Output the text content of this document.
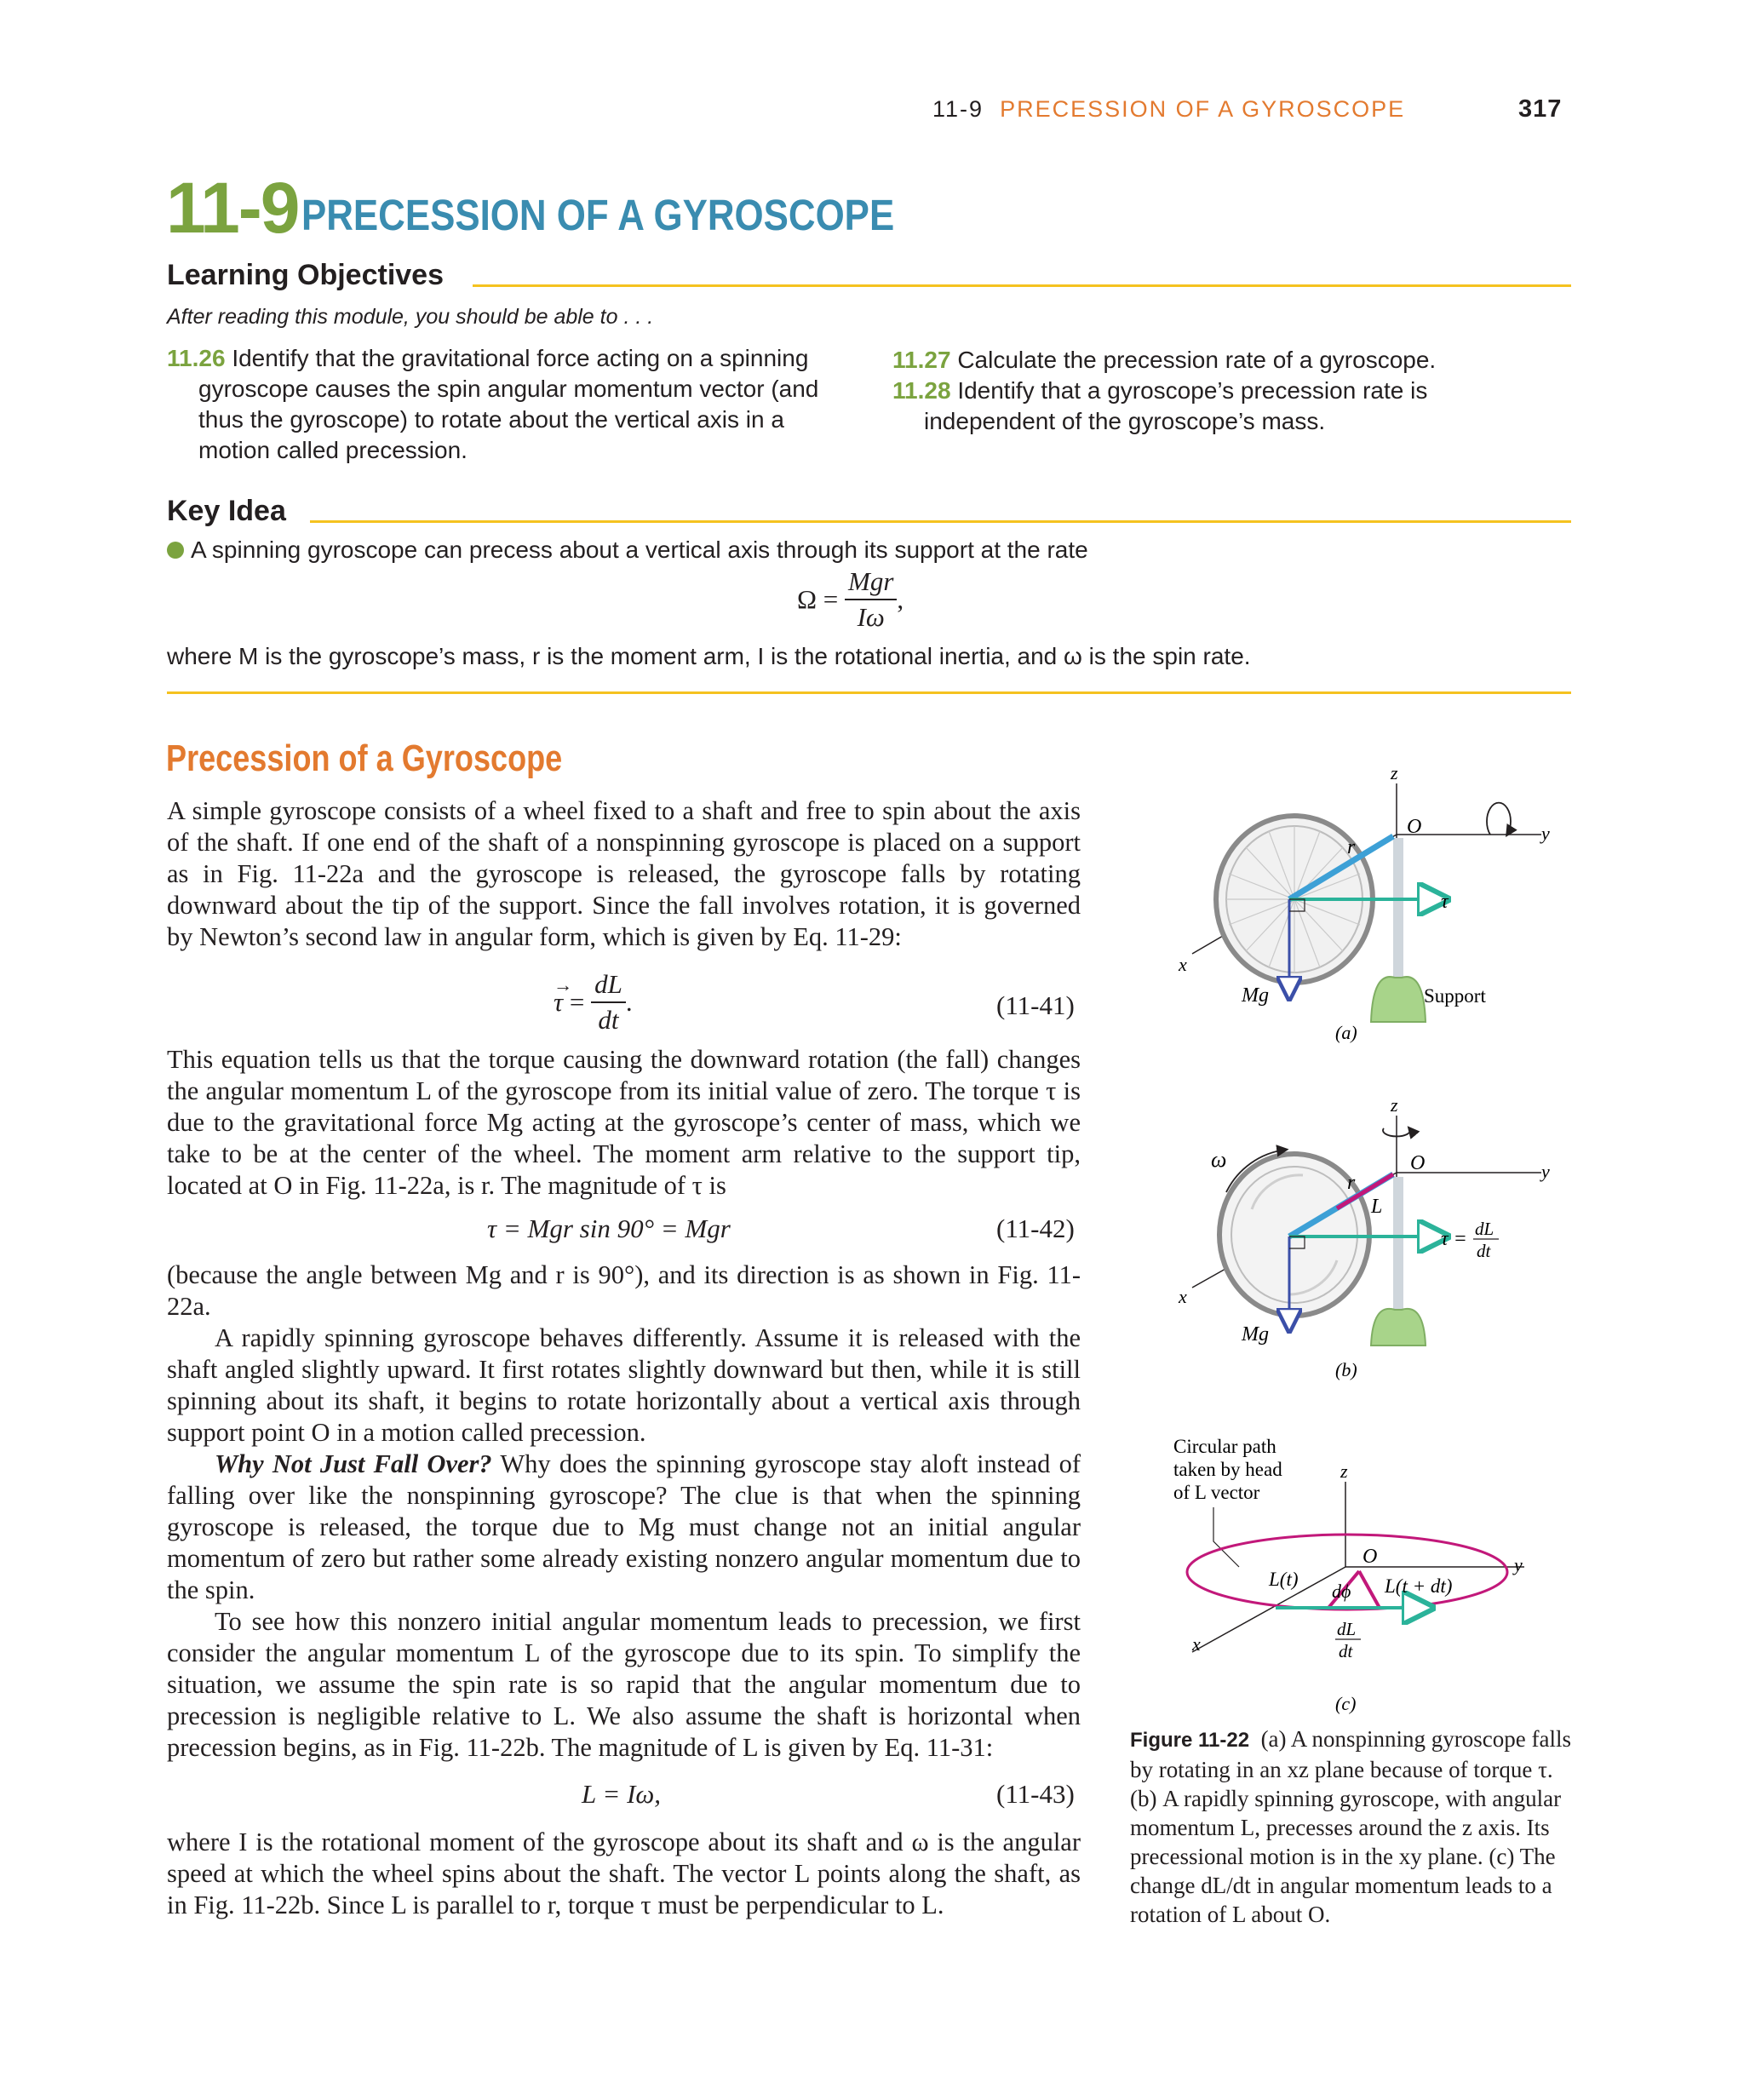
11-9 PRECESSION OF A GYROSCOPE	317
11-9 PRECESSION OF A GYROSCOPE
Learning Objectives
After reading this module, you should be able to . . .
11.26 Identify that the gravitational force acting on a spinning
gyroscope causes the spin angular momentum vector (and
thus the gyroscope) to rotate about the vertical axis in a
motion called precession.
11.27 Calculate the precession rate of a gyroscope.
11.28 Identify that a gyroscope’s precession rate is
independent of the gyroscope’s mass.
Key Idea
A spinning gyroscope can precess about a vertical axis through its support at the rate
$\Omega = \frac{\text{Mgr}}{I\omega}$ ,
where M is the gyroscope’s mass, r is the moment arm, I is the rotational inertia, and ω is the spin rate.
Precession of a Gyroscope
A simple gyroscope consists of a wheel fixed to a shaft and free to spin about the axis of the shaft. If one end of the shaft of a nonspinning gyroscope is placed on a support as in Fig. 11-22a and the gyroscope is released, the gyroscope falls by rotating downward about the tip of the support. Since the fall involves rotation, it is governed by Newton’s second law in angular form, which is given by Eq. 11-29:
τ → = $\frac{dL}{dt}$ .	(11-41)
This equation tells us that the torque causing the downward rotation (the fall) changes the angular momentum L of the gyroscope from its initial value of zero. The torque τ is due to the gravitational force Mg acting at the gyroscope’s center of mass, which we take to be at the center of the wheel. The moment arm relative to the support tip, located at O in Fig. 11-22a, is r. The magnitude of τ is
τ = Mgr sin 90° = Mgr	(11-42)
(because the angle between Mg and r is 90°), and its direction is as shown in Fig. 11-22a.
A rapidly spinning gyroscope behaves differently. Assume it is released with the shaft angled slightly upward. It first rotates slightly downward but then, while it is still spinning about its shaft, it begins to rotate horizontally about a vertical axis through support point O in a motion called precession.
Why Not Just Fall Over? Why does the spinning gyroscope stay aloft instead of falling over like the nonspinning gyroscope? The clue is that when the spinning gyroscope is released, the torque due to Mg must change not an initial angular momentum of zero but rather some already existing nonzero angular momentum due to the spin.
To see how this nonzero initial angular momentum leads to precession, we first consider the angular momentum L of the gyroscope due to its spin. To simplify the situation, we assume the spin rate is so rapid that the angular momentum due to precession is negligible relative to L. We also assume the shaft is horizontal when precession begins, as in Fig. 11-22b. The magnitude of L is given by Eq. 11-31:
L = Iω,	(11-43)
where I is the rotational moment of the gyroscope about its shaft and ω is the angular speed at which the wheel spins about the shaft. The vector L points along the shaft, as in Fig. 11-22b. Since L is parallel to r, torque τ must be perpendicular to L.
z
O	y
x
r
τ
Mg	Support
(a)
z
O	y
x
ω
r
L
τ = dL
dt
Mg
(b)
Circular path
taken by head
of L vector
z
O	y
x
L(t)
dϕ L(t + dt)
dL
dt
(c)
Figure 11-22 (a) A nonspinning gyroscope falls by rotating in an xz plane because of torque τ. (b) A rapidly spinning gyroscope, with angular momentum L, precesses around the z axis. Its precessional motion is in the xy plane. (c) The change dL/dt in angular momentum leads to a rotation of L about O.
